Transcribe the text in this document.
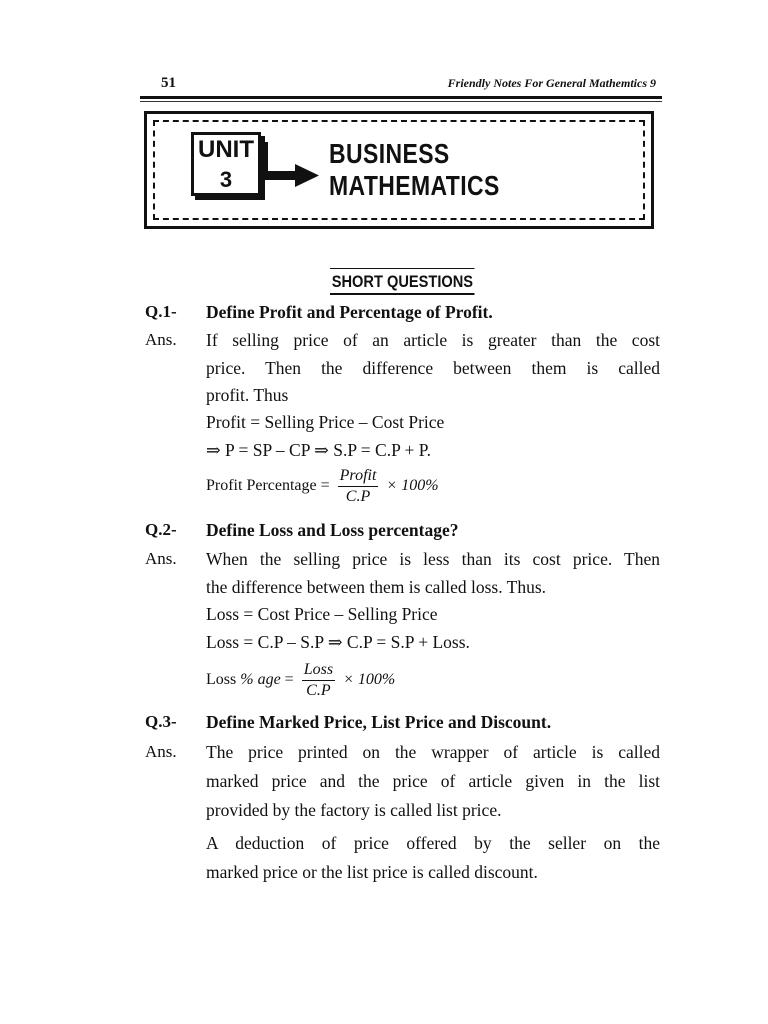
51	Friendly Notes For General Mathemtics 9
UNIT
3
BUSINESS
MATHEMATICS
SHORT QUESTIONS
Q.1- Define Profit and Percentage of Profit.
Ans. If selling price of an article is greater than the cost
price. Then the difference between them is called
profit. Thus
Profit = Selling Price – Cost Price
⇒ P = SP – CP ⇒ S.P = C.P + P.
Profit Percentage = $\frac{\text{Profit}}{C.P} \times 100\%$
Q.2- Define Loss and Loss percentage?
Ans. When the selling price is less than its cost price. Then
the difference between them is called loss. Thus.
Loss = Cost Price – Selling Price
Loss = C.P – S.P ⇒ C.P = S.P + Loss.
Loss % age = $\frac{\text{Loss}}{C.P} \times 100\%$
Q.3- Define Marked Price, List Price and Discount.
Ans. The price printed on the wrapper of article is called
marked price and the price of article given in the list
provided by the factory is called list price.
A deduction of price offered by the seller on the
marked price or the list price is called discount.
